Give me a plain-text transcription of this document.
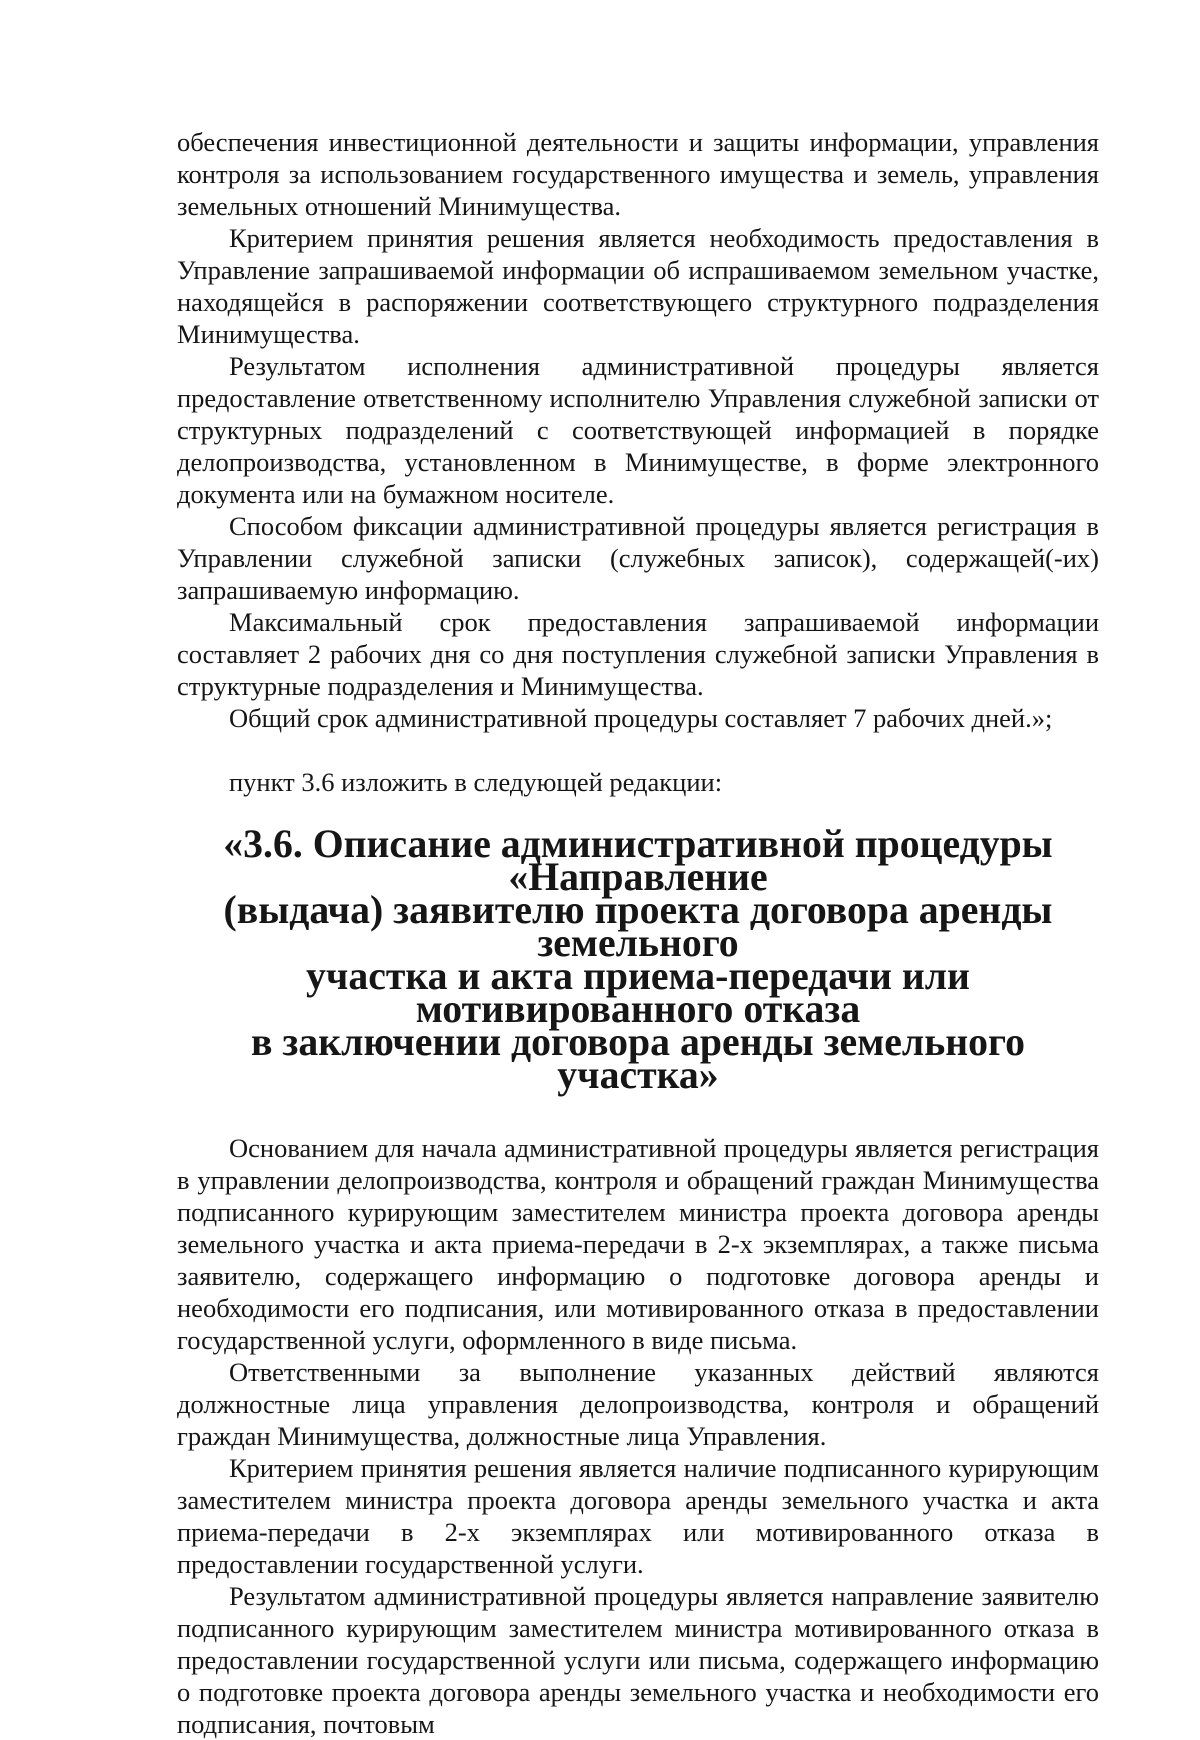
обеспечения инвестиционной деятельности и защиты информации, управления контроля за использованием государственного имущества и земель, управления земельных отношений Минимущества.

Критерием принятия решения является необходимость предоставления в Управление запрашиваемой информации об испрашиваемом земельном участке, находящейся в распоряжении соответствующего структурного подразделения Минимущества.

Результатом исполнения административной процедуры является предоставление ответственному исполнителю Управления служебной записки от структурных подразделений с соответствующей информацией в порядке делопроизводства, установленном в Минимуществе, в форме электронного документа или на бумажном носителе.

Способом фиксации административной процедуры является регистрация в Управлении служебной записки (служебных записок), содержащей(-их) запрашиваемую информацию.

Максимальный срок предоставления запрашиваемой информации составляет 2 рабочих дня со дня поступления служебной записки Управления в структурные подразделения и Минимущества.

Общий срок административной процедуры составляет 7 рабочих дней.»;

пункт 3.6 изложить в следующей редакции:

«3.6. Описание административной процедуры «Направление
(выдача) заявителю проекта договора аренды земельного
участка и акта приема-передачи или мотивированного отказа
в заключении договора аренды земельного участка»

Основанием для начала административной процедуры является регистрация в управлении делопроизводства, контроля и обращений граждан Минимущества подписанного курирующим заместителем министра проекта договора аренды земельного участка и акта приема-передачи в 2-х экземплярах, а также письма заявителю, содержащего информацию о подготовке договора аренды и необходимости его подписания, или мотивированного отказа в предоставлении государственной услуги, оформленного в виде письма.

Ответственными за выполнение указанных действий являются должностные лица управления делопроизводства, контроля и обращений граждан Минимущества, должностные лица Управления.

Критерием принятия решения является наличие подписанного курирующим заместителем министра проекта договора аренды земельного участка и акта приема-передачи в 2-х экземплярах или мотивированного отказа в предоставлении государственной услуги.

Результатом административной процедуры является направление заявителю подписанного курирующим заместителем министра мотивированного отказа в предоставлении государственной услуги или письма, содержащего информацию о подготовке проекта договора аренды земельного участка и необходимости его подписания, почтовым
